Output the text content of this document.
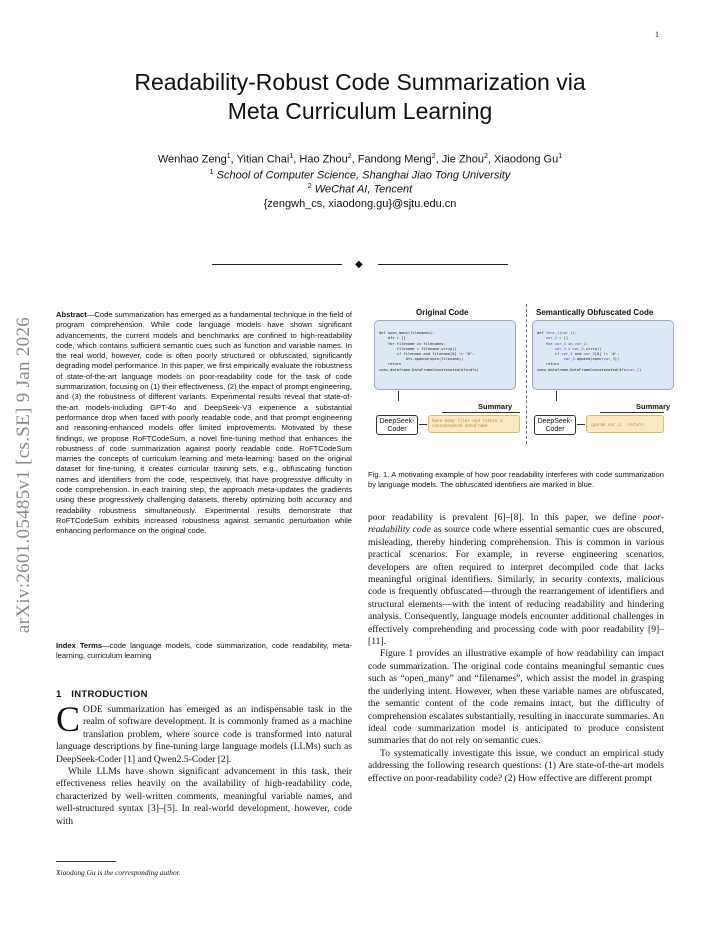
1
arXiv:2601.05485v1 [cs.SE] 9 Jan 2026
Readability-Robust Code Summarization via
Meta Curriculum Learning
Wenhao Zeng$^1$, Yitian Chai$^1$, Hao Zhou$^2$, Fandong Meng$^2$, Jie Zhou$^2$, Xiaodong Gu$^1$
$^1$ School of Computer Science, Shanghai Jiao Tong University
$^2$ WeChat AI, Tencent
{zengwh_cs, xiaodong.gu}@sjtu.edu.cn
◆
Abstract—Code summarization has emerged as a fundamental technique in the field of program comprehension. While code language models have shown significant advancements, the current models and benchmarks are confined to high-readability code, which contains sufficient semantic cues such as function and variable names. In the real world, however, code is often poorly structured or obfuscated, significantly degrading model performance. In this paper, we first empirically evaluate the robustness of state-of-the-art language models on poor-readability code for the task of code summarization, focusing on (1) their effectiveness, (2) the impact of prompt engineering, and (3) the robustness of different variants. Experimental results reveal that state-of-the-art models-including GPT-4o and DeepSeek-V3 experience a substantial performance drop when faced with poorly readable code, and that prompt engineering and reasoning-enhanced models offer limited improvements. Motivated by these findings, we propose RoFTCodeSum, a novel fine-tuning method that enhances the robustness of code summarization against poorly readable code. RoFTCodeSum marries the concepts of curriculum learning and meta-learning: based on the original dataset for fine-tuning, it creates curricular training sets, e.g., obfuscating function names and identifiers from the code, respectively, that have progressive difficulty in code comprehension. In each training step, the approach meta-updates the gradients using these progressively challenging datasets, thereby optimizing both accuracy and readability robustness simultaneously. Experimental results demonstrate that RoFTCodeSum exhibits increased robustness against semantic perturbation while enhancing performance on the original code.
Index Terms—code language models, code summarization, code readability, meta-learning, curriculum learning
1 INTRODUCTION
CODE summarization has emerged as an indispensable task in the realm of software development. It is commonly framed as a machine translation problem, where source code is transformed into natural language descriptions by fine-tuning large language models (LLMs) such as DeepSeek-Coder [1] and Qwen2.5-Coder [2].
While LLMs have shown significant advancement in this task, their effectiveness relies heavily on the availability of high-readability code, characterized by well-written comments, meaningful variable names, and well-structured syntax [3]–[5]. In real-world development, however, code with
Xiaodong Gu is the corresponding author.
Original Code	Semantically Obfuscated Code

def open_many(filenames):
dfs = []
for filename in filenames:
filename = filename.strip()
if filename and filename[0] != "#":
dfs.append(open(filename))
return
vaex.dataframe.DataFrameConcatenated(dfs=dfs)

def func_1(var_1):
var_2 = []
for var_3 in var_1:
var_3 = var_3.strip()
if var_3 and var_3[0] != '#':
var_2.append(open(var_3))
return
vaex.dataframe.DataFrameConcatenated(dfs=var_2)
Summary	Summary
DeepSeek-
Coder
Open many files and return a concatenated dataFrame.
DeepSeek-
Coder
:param var_1: :return:
Fig. 1. A motivating example of how poor readability interferes with code summarization by language models. The obfuscated identifiers are marked in blue.

poor readability is prevalent [6]–[8]. In this paper, we define poor-readability code as source code where essential semantic cues are obscured, misleading, thereby hindering comprehension. This is common in various practical scenarios. For example, in reverse engineering scenarios, developers are often required to interpret decompiled code that lacks meaningful original identifiers. Similarly, in security contexts, malicious code is frequently obfuscated—through the rearrangement of identifiers and structural elements—with the intent of reducing readability and hindering analysis. Consequently, language models encounter additional challenges in effectively comprehending and processing code with poor readability [9]–[11].

Figure 1 provides an illustrative example of how readability can impact code summarization. The original code contains meaningful semantic cues such as “open_many” and “filenames”, which assist the model in grasping the underlying intent. However, when these variable names are obfuscated, the semantic content of the code remains intact, but the difficulty of comprehension escalates substantially, resulting in inaccurate summaries. An ideal code summarization model is anticipated to produce consistent summaries that do not rely on semantic cues.

To systematically investigate this issue, we conduct an empirical study addressing the following research questions: (1) Are state-of-the-art models effective on poor-readability code? (2) How effective are different prompt
